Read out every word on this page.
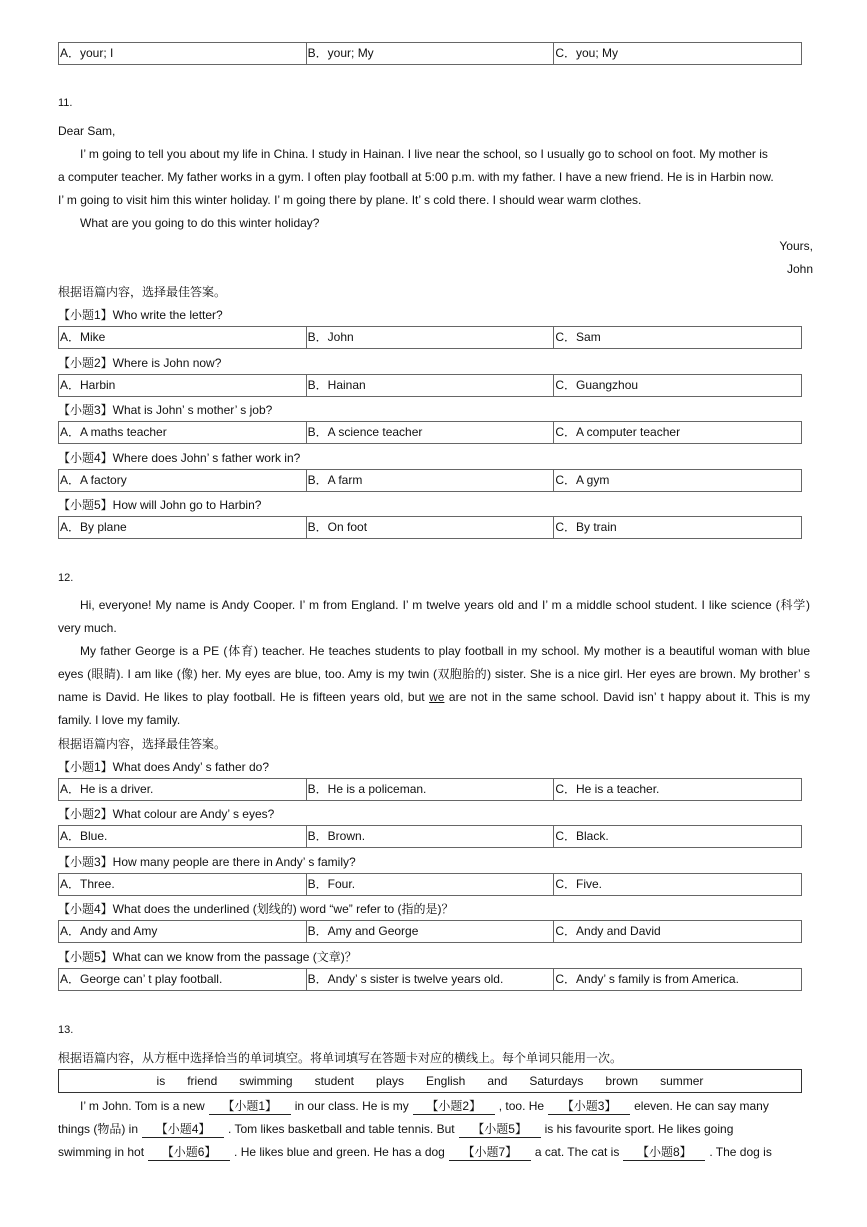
A．your; I	B．your; My	C．you; My
11.
Dear Sam,
I’ m going to tell you about my life in China. I study in Hainan. I live near the school, so I usually go to school on foot. My mother is
a computer teacher. My father works in a gym. I often play football at 5:00 p.m. with my father. I have a new friend. He is in Harbin now.
I’ m going to visit him this winter holiday. I’ m going there by plane. It’ s cold there. I should wear warm clothes.
What are you going to do this winter holiday?
Yours,
John
根据语篇内容，选择最佳答案。
【小题1】Who write the letter?
A．Mike	B．John	C．Sam
【小题2】Where is John now?
A．Harbin	B．Hainan	C．Guangzhou
【小题3】What is John’ s mother’ s job?
A．A maths teacher	B．A science teacher	C．A computer teacher
【小题4】Where does John’ s father work in?
A．A factory	B．A farm	C．A gym
【小题5】How will John go to Harbin?
A．By plane	B．On foot	C．By train
12.
Hi, everyone! My name is Andy Cooper. I’ m from England. I’ m twelve years old and I’ m a middle school student. I like science (科学) very much.
My father George is a PE (体育) teacher. He teaches students to play football in my school. My mother is a beautiful woman with blue eyes (眼睛). I am like (像) her. My eyes are blue, too. Amy is my twin (双胞胎的) sister. She is a nice girl. Her eyes are brown. My brother’ s name is David. He likes to play football. He is fifteen years old, but we are not in the same school. David isn’ t happy about it. This is my family. I love my family.
根据语篇内容，选择最佳答案。
【小题1】What does Andy’ s father do?
A．He is a driver.	B．He is a policeman.	C．He is a teacher.
【小题2】What colour are Andy’ s eyes?
A．Blue.	B．Brown.	C．Black.
【小题3】How many people are there in Andy’ s family?
A．Three.	B．Four.	C．Five.
【小题4】What does the underlined (划线的) word “we” refer to (指的是)？
A．Andy and Amy	B．Amy and George	C．Andy and David
【小题5】What can we know from the passage (文章)？
A．George can’ t play football.	B．Andy’ s sister is twelve years old.	C．Andy’ s family is from America.
13.
根据语篇内容，从方框中选择恰当的单词填空。将单词填写在答题卡对应的横线上。每个单词只能用一次。
is friend swimming student plays English and Saturdays brown summer
I’ m John. Tom is a new 【小题1】 in our class. He is my 【小题2】 , too. He 【小题3】 eleven. He can say many
things (物品) in 【小题4】 . Tom likes basketball and table tennis. But 【小题5】 is his favourite sport. He likes going
swimming in hot 【小题6】 . He likes blue and green. He has a dog 【小题7】 a cat. The cat is 【小题8】 . The dog is
